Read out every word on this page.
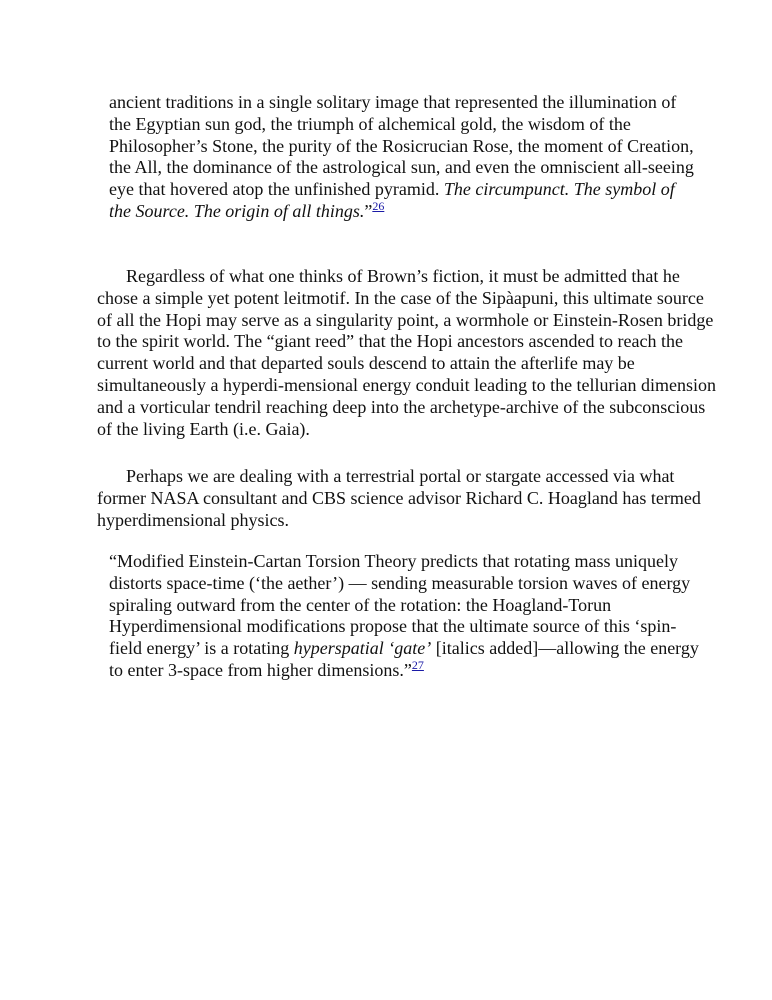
ancient traditions in a single solitary image that represented the illumination of the Egyptian sun god, the triumph of alchemical gold, the wisdom of the Philosopher’s Stone, the purity of the Rosicrucian Rose, the moment of Creation, the All, the dominance of the astrological sun, and even the omniscient all-seeing eye that hovered atop the unfinished pyramid. The circumpunct. The symbol of the Source. The origin of all things.”$^{26}$

Regardless of what one thinks of Brown’s fiction, it must be admitted that he chose a simple yet potent leitmotif. In the case of the Sipàapuni, this ultimate source of all the Hopi may serve as a singularity point, a wormhole or Einstein-Rosen bridge to the spirit world. The “giant reed” that the Hopi ancestors ascended to reach the current world and that departed souls descend to attain the afterlife may be simultaneously a hyperdi-mensional energy conduit leading to the tellurian dimension and a vorticular tendril reaching deep into the archetype-archive of the subconscious of the living Earth (i.e. Gaia).

Perhaps we are dealing with a terrestrial portal or stargate accessed via what former NASA consultant and CBS science advisor Richard C. Hoagland has termed hyperdimensional physics.

“Modified Einstein-Cartan Torsion Theory predicts that rotating mass uniquely distorts space-time (‘the aether’) — sending measurable torsion waves of energy spiraling outward from the center of the rotation: the Hoagland-Torun Hyperdimensional modifications propose that the ultimate source of this ‘spin-field energy’ is a rotating hyperspatial ‘gate’ [italics added]—allowing the energy to enter 3-space from higher dimensions.”$^{27}$
